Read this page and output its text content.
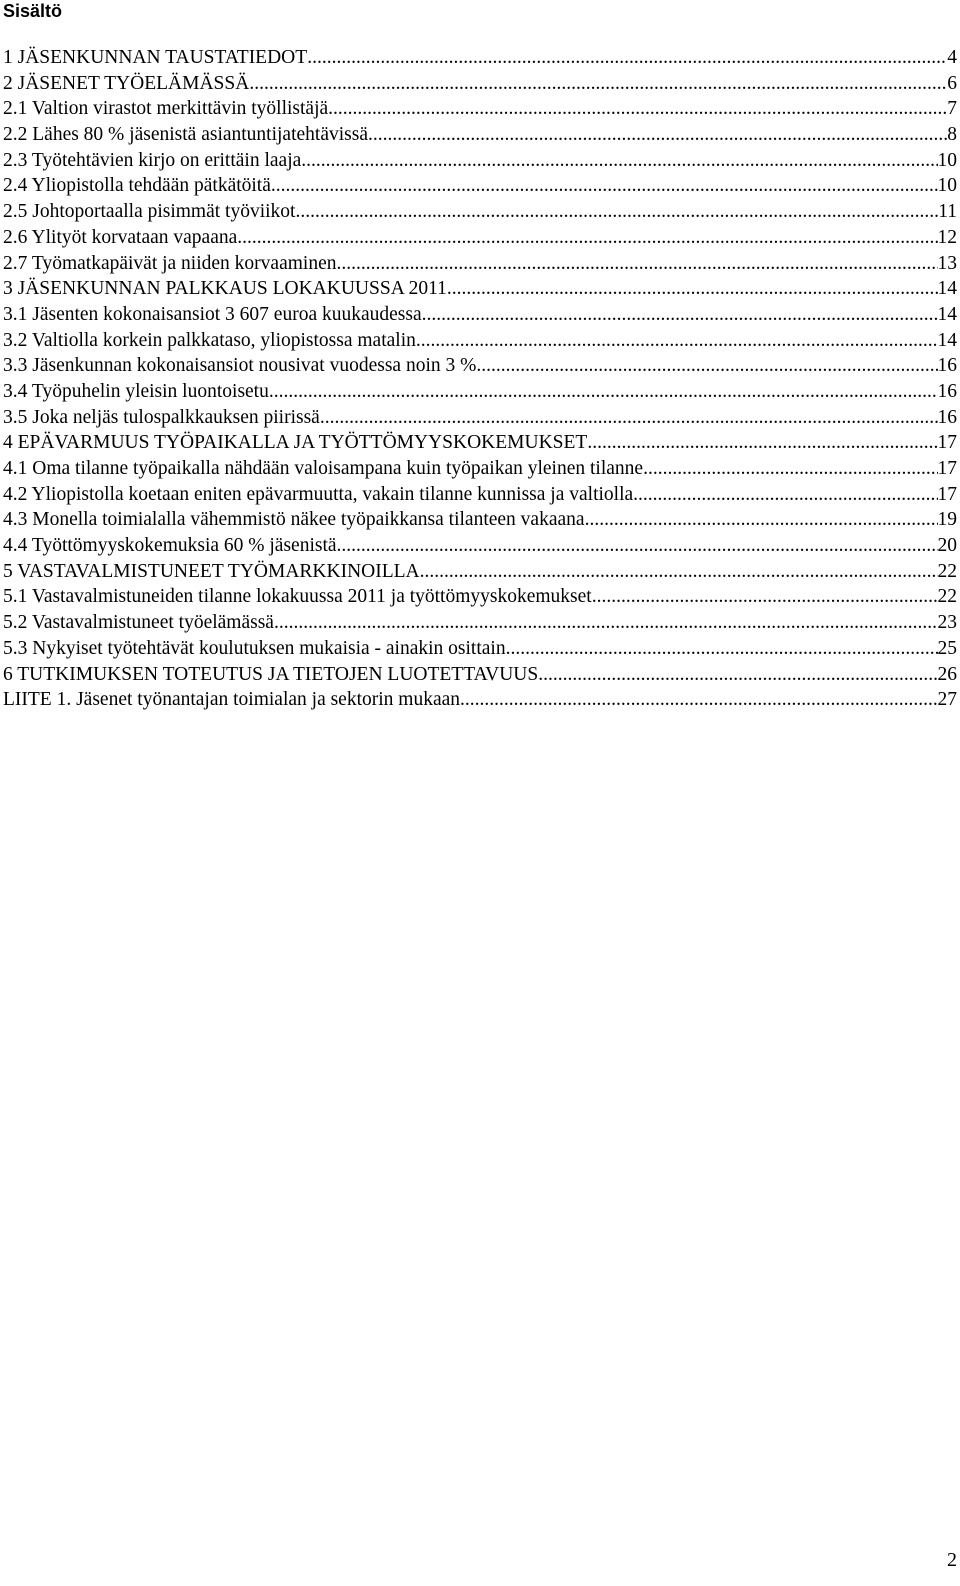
Sisältö
1 JÄSENKUNNAN TAUSTATIEDOT .....	4
2 JÄSENET TYÖELÄMÄSSÄ .....	6
2.1 Valtion virastot merkittävin työllistäjä .....	7
2.2 Lähes 80 % jäsenistä asiantuntijatehtävissä .....	8
2.3 Työtehtävien kirjo on erittäin laaja .....	10
2.4 Yliopistolla tehdään pätkätöitä .....	10
2.5 Johtoportaalla pisimmät työviikot .....	11
2.6 Ylityöt korvataan vapaana .....	12
2.7 Työmatkapäivät ja niiden korvaaminen .....	13
3 JÄSENKUNNAN PALKKAUS LOKAKUUSSA 2011 .....	14
3.1 Jäsenten kokonaisansiot 3 607 euroa kuukaudessa .....	14
3.2 Valtiolla korkein palkkataso, yliopistossa matalin .....	14
3.3 Jäsenkunnan kokonaisansiot nousivat vuodessa noin 3 % .....	16
3.4 Työpuhelin yleisin luontoisetu .....	16
3.5 Joka neljäs tulospalkkauksen piirissä .....	16
4 EPÄVARMUUS TYÖPAIKALLA JA TYÖTTÖMYYSKOKEMUKSET .....	17
4.1 Oma tilanne työpaikalla nähdään valoisampana kuin työpaikan yleinen tilanne .....	17
4.2 Yliopistolla koetaan eniten epävarmuutta, vakain tilanne kunnissa ja valtiolla .....	17
4.3 Monella toimialalla vähemmistö näkee työpaikkansa tilanteen vakaana .....	19
4.4 Työttömyyskokemuksia 60 % jäsenistä .....	20
5 VASTAVALMISTUNEET TYÖMARKKINOILLA .....	22
5.1 Vastavalmistuneiden tilanne lokakuussa 2011 ja työttömyyskokemukset .....	22
5.2 Vastavalmistuneet työelämässä .....	23
5.3 Nykyiset työtehtävät koulutuksen mukaisia - ainakin osittain .....	25
6 TUTKIMUKSEN TOTEUTUS JA TIETOJEN LUOTETTAVUUS .....	26
LIITE 1. Jäsenet työnantajan toimialan ja sektorin mukaan. .....	27
2
